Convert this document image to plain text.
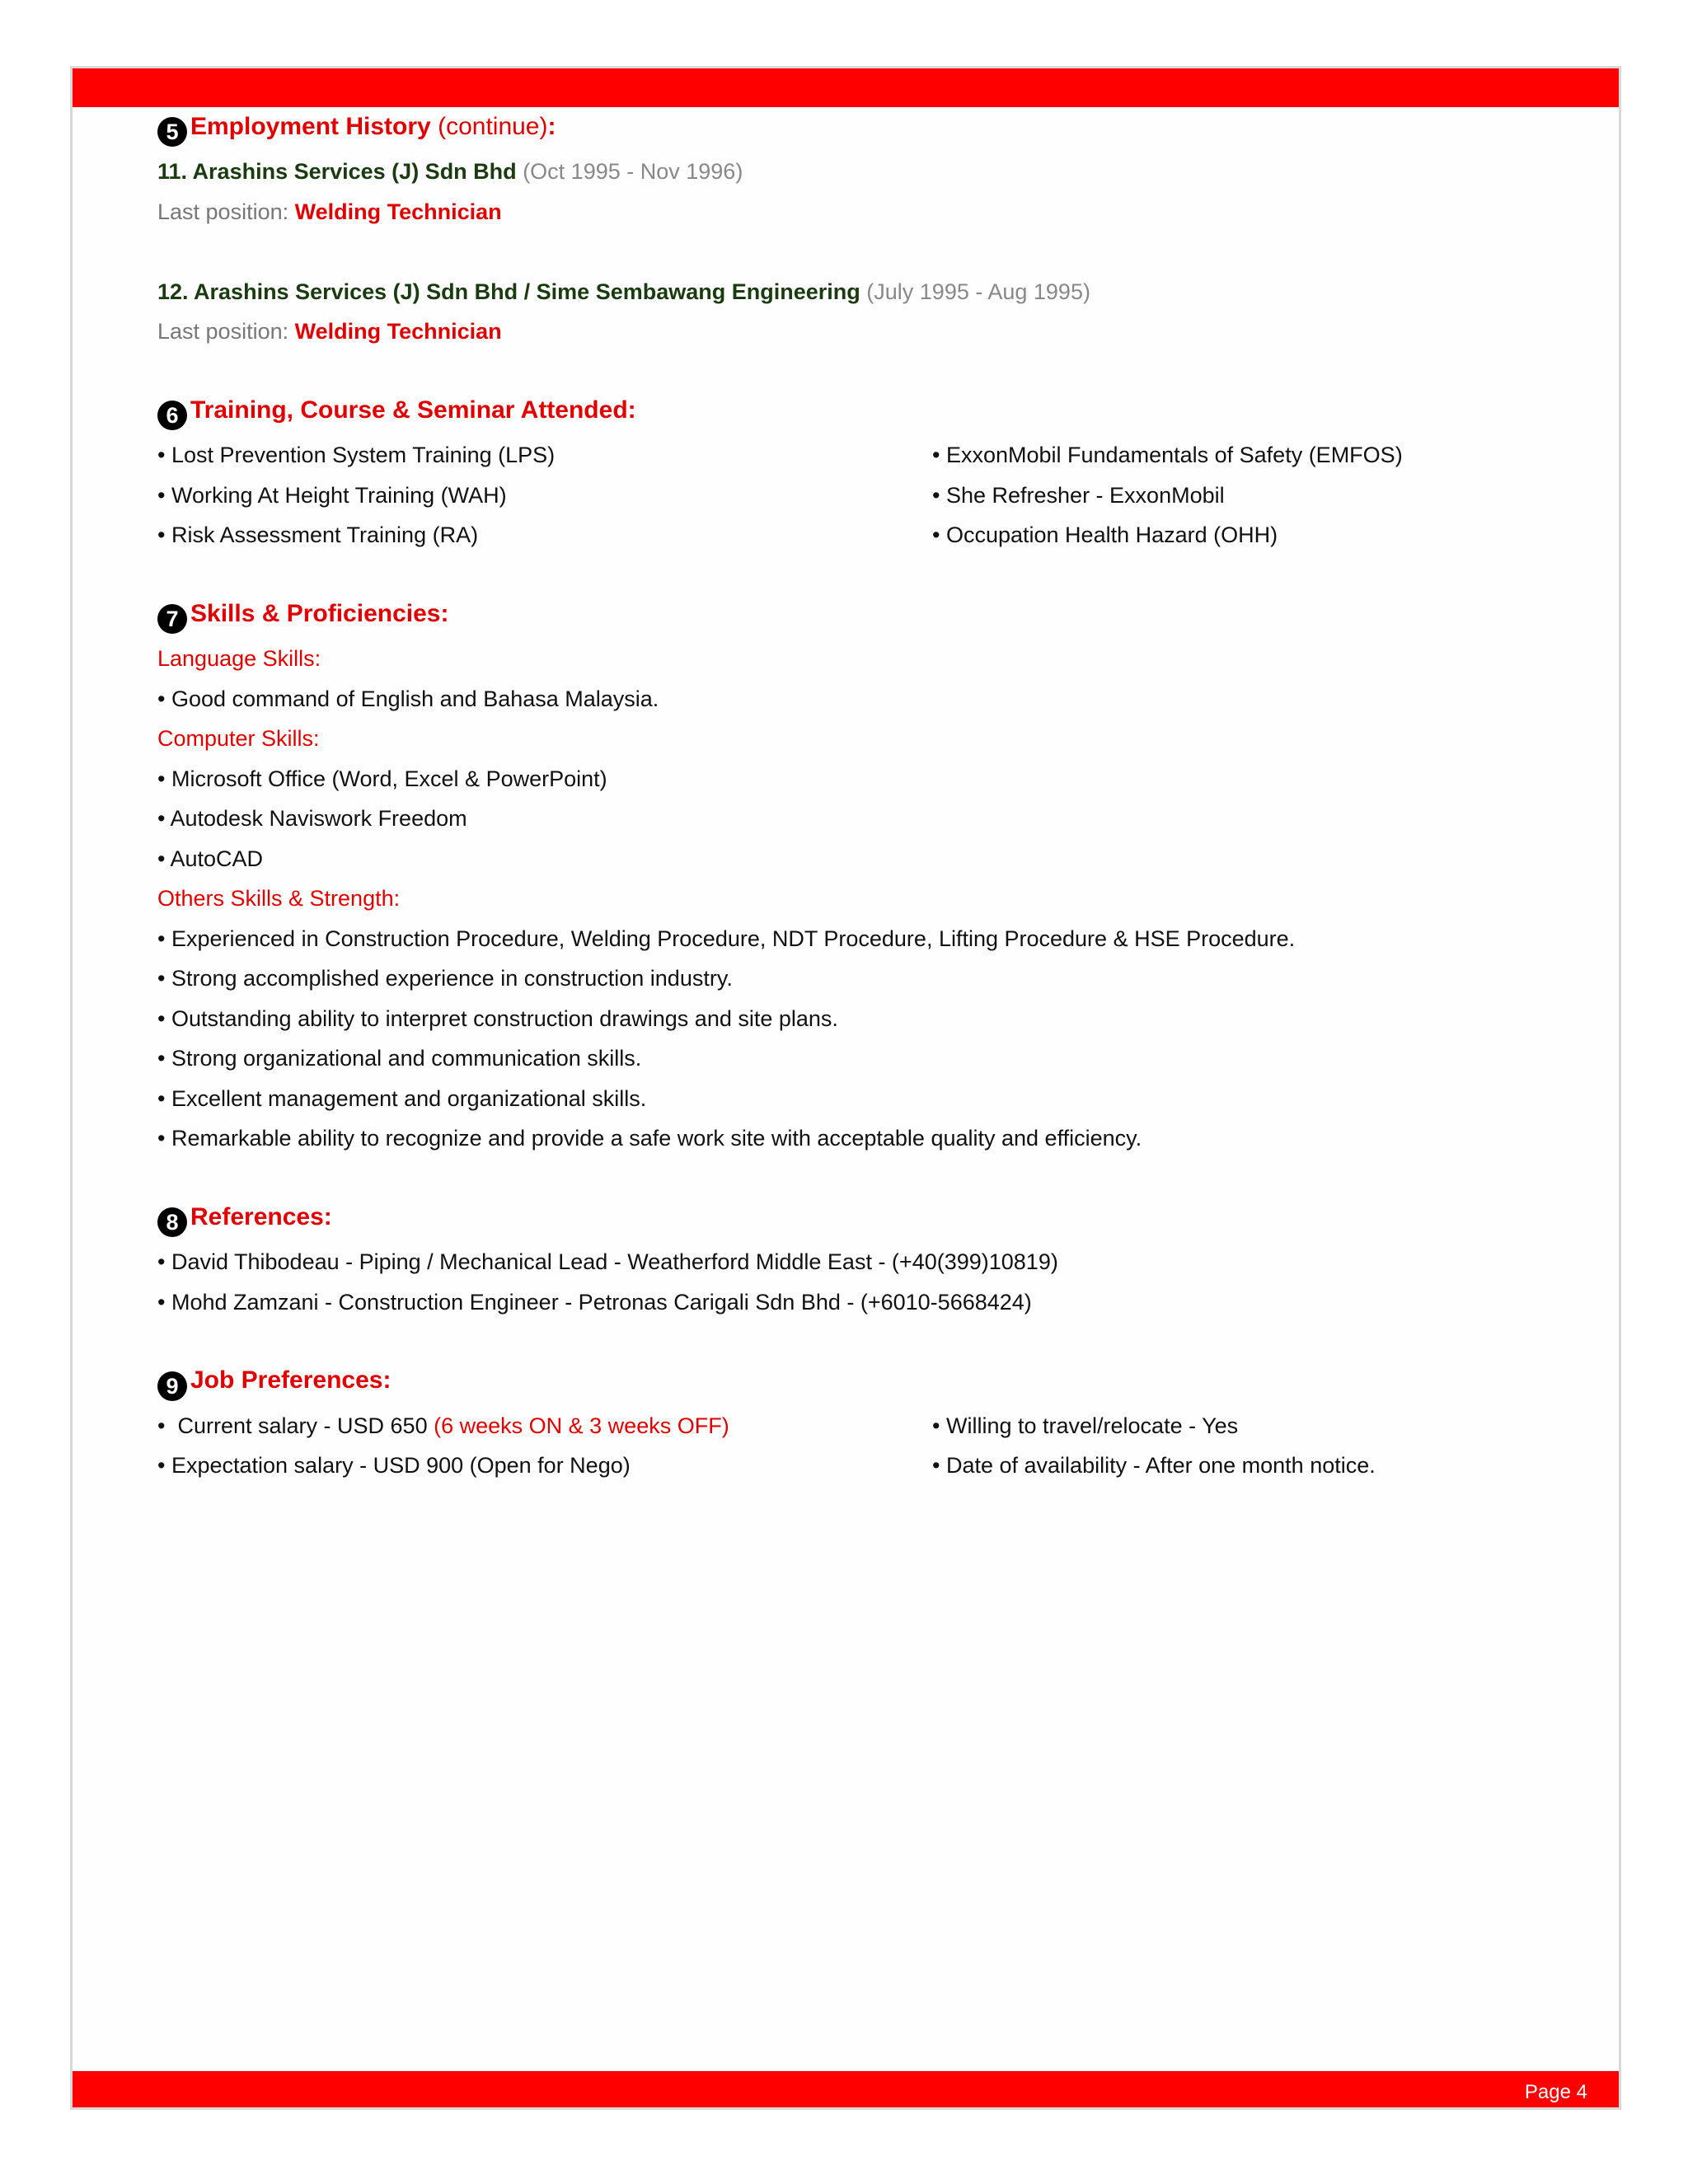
5 Employment History (continue):
11. Arashins Services (J) Sdn Bhd (Oct 1995 - Nov 1996)
Last position: Welding Technician
12. Arashins Services (J) Sdn Bhd / Sime Sembawang Engineering (July 1995 - Aug 1995)
Last position: Welding Technician
6 Training, Course & Seminar Attended:
• Lost Prevention System Training (LPS)
• Working At Height Training (WAH)
• Risk Assessment Training (RA)
• ExxonMobil Fundamentals of Safety (EMFOS)
• She Refresher - ExxonMobil
• Occupation Health Hazard (OHH)
7 Skills & Proficiencies:
Language Skills:
• Good command of English and Bahasa Malaysia.
Computer Skills:
• Microsoft Office (Word, Excel & PowerPoint)
• Autodesk Naviswork Freedom
• AutoCAD
Others Skills & Strength:
• Experienced in Construction Procedure, Welding Procedure, NDT Procedure, Lifting Procedure & HSE Procedure.
• Strong accomplished experience in construction industry.
• Outstanding ability to interpret construction drawings and site plans.
• Strong organizational and communication skills.
• Excellent management and organizational skills.
• Remarkable ability to recognize and provide a safe work site with acceptable quality and efficiency.
8 References:
• David Thibodeau - Piping / Mechanical Lead - Weatherford Middle East - (+40(399)10819)
• Mohd Zamzani - Construction Engineer - Petronas Carigali Sdn Bhd - (+6010-5668424)
9 Job Preferences:
• Current salary - USD 650 (6 weeks ON & 3 weeks OFF)
• Expectation salary - USD 900 (Open for Nego)
• Willing to travel/relocate - Yes
• Date of availability - After one month notice.
Page 4
